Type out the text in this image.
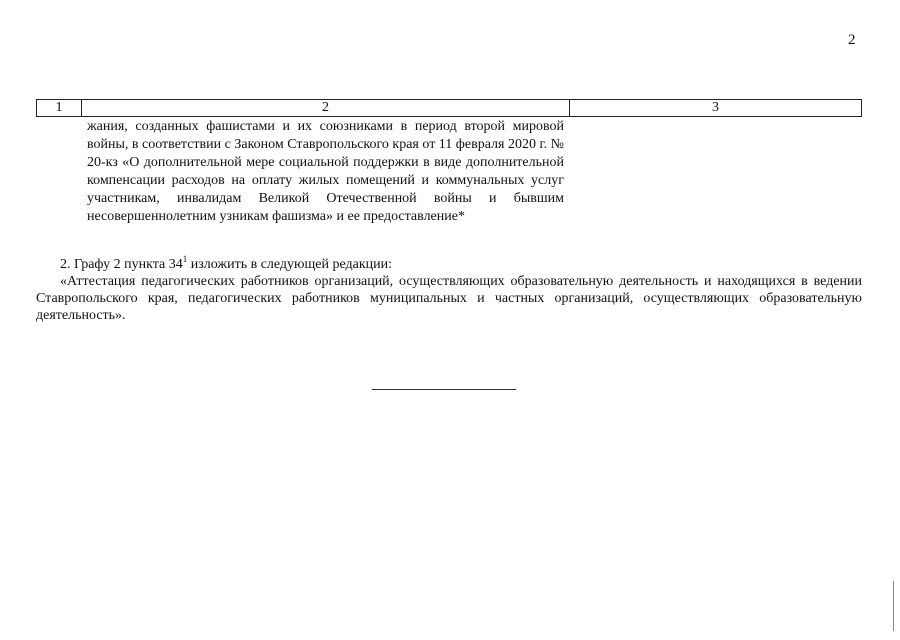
2
1	2	3
жания, созданных фашистами и их союзниками в период второй мировой войны, в соответствии с Законом Ставропольского края от 11 февраля 2020 г. № 20-кз «О дополнительной мере социальной поддержки в виде дополнительной компенсации расходов на оплату жилых помещений и коммунальных услуг участникам, инвалидам Великой Отечественной войны и бывшим несовершеннолетним узникам фашизма» и ее предоставление*
2. Графу 2 пункта $34^1$ изложить в следующей редакции:
«Аттестация педагогических работников организаций, осуществляющих образовательную деятельность и находящихся в ведении Ставропольского края, педагогических работников муниципальных и частных организаций, осуществляющих образовательную деятельность».
